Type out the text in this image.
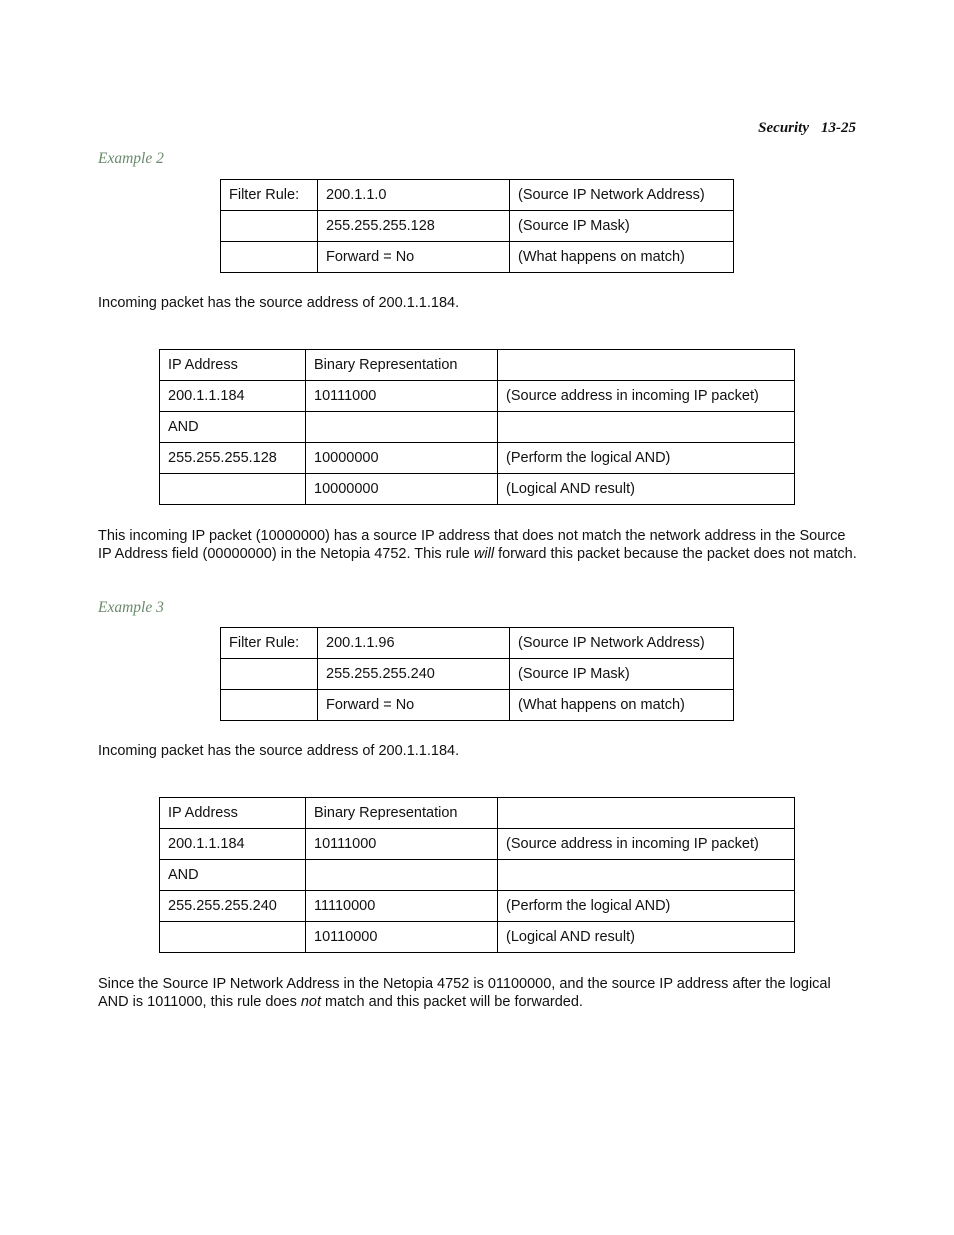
Security 13-25
Example 2
Filter Rule:	200.1.1.0	(Source IP Network Address)
	255.255.255.128	(Source IP Mask)
	Forward = No	(What happens on match)
Incoming packet has the source address of 200.1.1.184.
IP Address	Binary Representation	
200.1.1.184	10111000	(Source address in incoming IP packet)
AND		
255.255.255.128	10000000	(Perform the logical AND)
	10000000	(Logical AND result)
This incoming IP packet (10000000) has a source IP address that does not match the network address in the Source IP Address field (00000000) in the Netopia 4752. This rule will forward this packet because the packet does not match.
Example 3
Filter Rule:	200.1.1.96	(Source IP Network Address)
	255.255.255.240	(Source IP Mask)
	Forward = No	(What happens on match)
Incoming packet has the source address of 200.1.1.184.
IP Address	Binary Representation	
200.1.1.184	10111000	(Source address in incoming IP packet)
AND		
255.255.255.240	11110000	(Perform the logical AND)
	10110000	(Logical AND result)
Since the Source IP Network Address in the Netopia 4752 is 01100000, and the source IP address after the logical AND is 1011000, this rule does not match and this packet will be forwarded.
